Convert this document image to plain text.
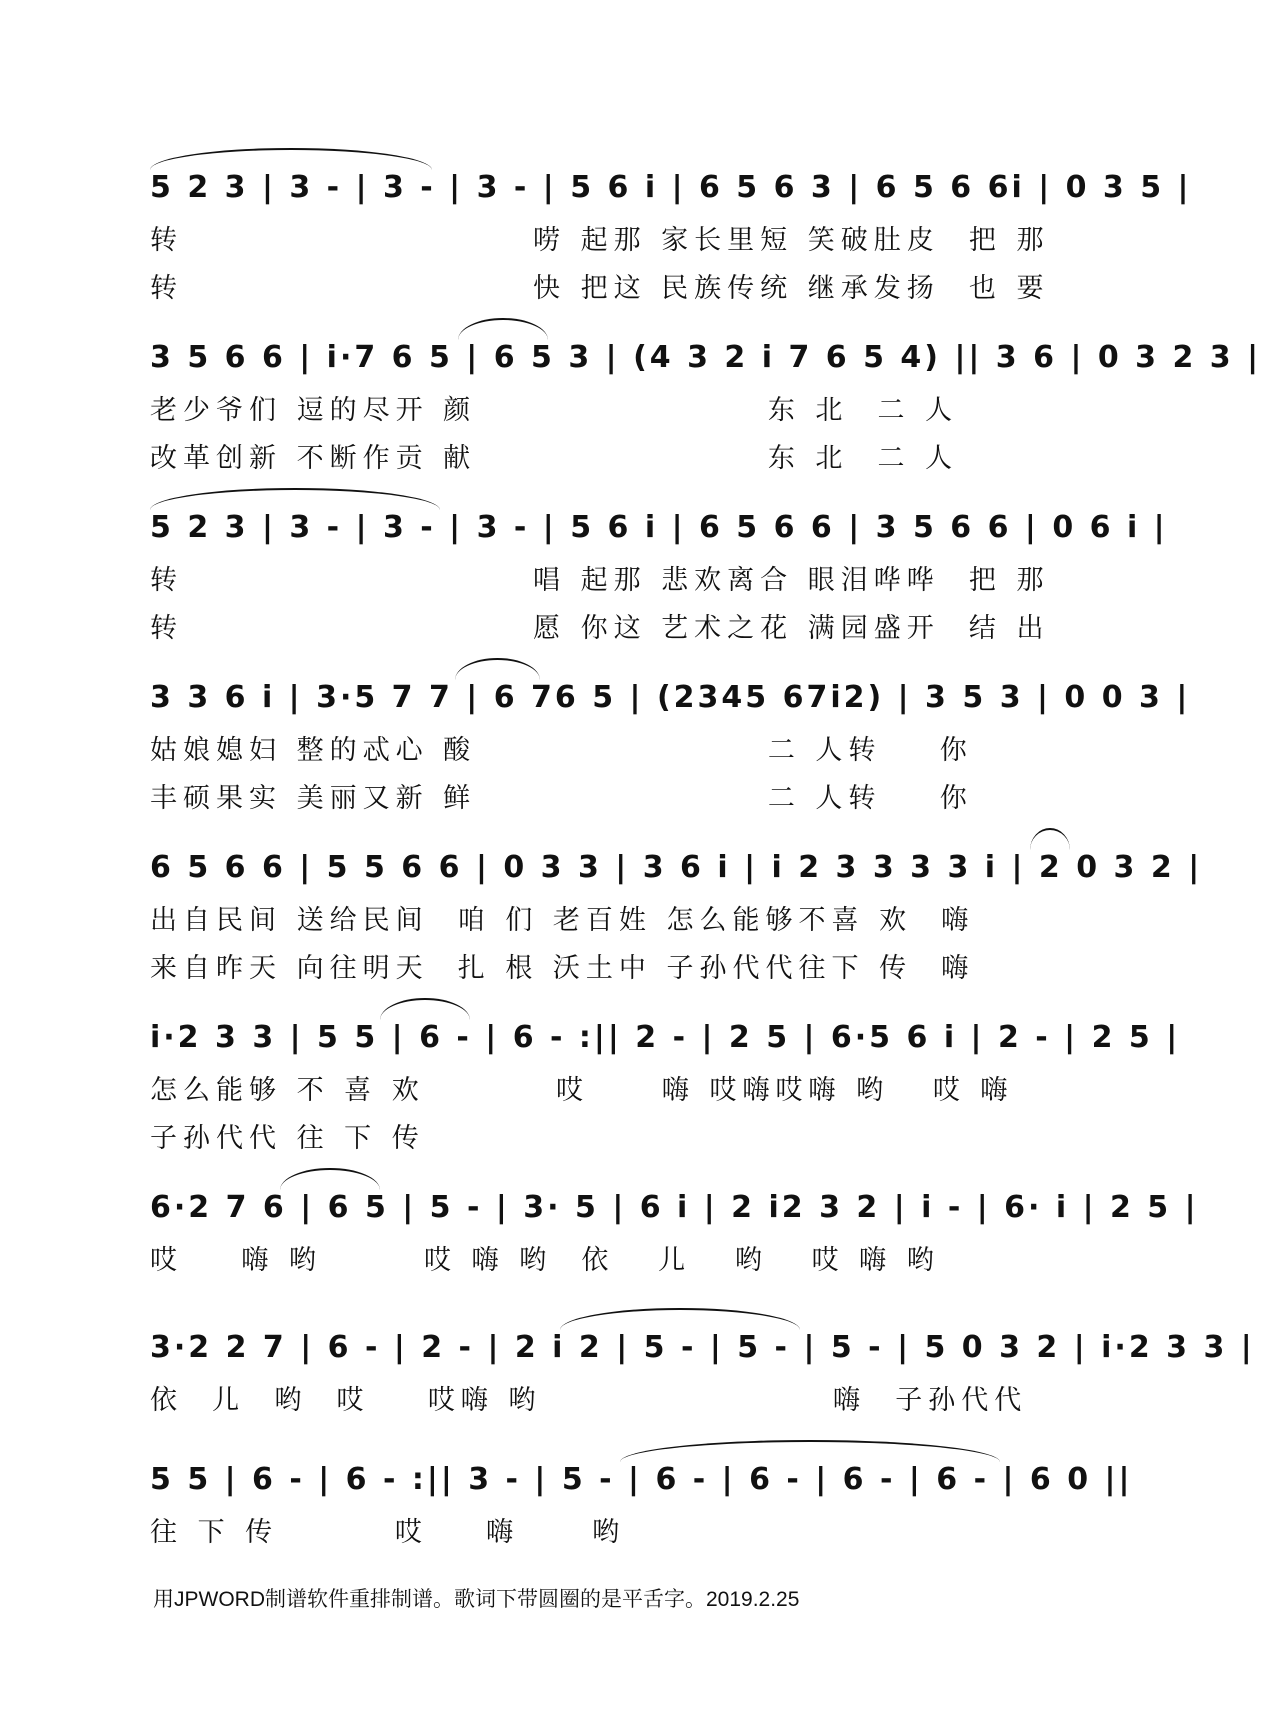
5 2 3 | 3 - | 3 - | 3 - | 5 6 i | 6 5 6 3 | 6 5 6 6i | 0 3 5 |
转                        唠 起那 家长里短 笑破肚皮  把 那
转                        快 把这 民族传统 继承发扬  也 要
3 5 6 6 | i·7 6 5 | 6 5 3 | (4 3 2 i 7 6 5 4) || 3 6 | 0 3 2 3 |
老少爷们 逗的尽开 颜                    东 北  二 人
改革创新 不断作贡 献                    东 北  二 人
5 2 3 | 3 - | 3 - | 3 - | 5 6 i | 6 5 6 6 | 3 5 6 6 | 0 6 i |
转                        唱 起那 悲欢离合 眼泪哗哗  把 那
转                        愿 你这 艺术之花 满园盛开  结 出
3 3 6 i | 3·5 7 7 | 6 76 5 | (2345 67i2) | 3 5 3 | 0 0 3 |
姑娘媳妇 整的忒心 酸                    二 人转    你
丰硕果实 美丽又新 鲜                    二 人转    你
6 5 6 6 | 5 5 6 6 | 0 3 3 | 3 6 i | i 2 3 3 3 3 i | 2 0 3 2 |
出自民间 送给民间  咱 们 老百姓 怎么能够不喜 欢  嗨
来自昨天 向往明天  扎 根 沃土中 子孙代代往下 传  嗨
i·2 3 3 | 5 5 | 6 - | 6 - :|| 2 - | 2 5 | 6·5 6 i | 2 - | 2 5 |
怎么能够 不 喜 欢         哎     嗨 哎嗨哎嗨 哟   哎 嗨
子孙代代 往 下 传
6·2 7 6 | 6 5 | 5 - | 3· 5 | 6 i | 2 i2 3 2 | i - | 6· i | 2 5 |
哎    嗨 哟       哎 嗨 哟  依   儿   哟   哎 嗨 哟
3·2 2 7 | 6 - | 2 - | 2 i 2 | 5 - | 5 - | 5 - | 5 0 3 2 | i·2 3 3 |
依  儿  哟  哎    哎嗨 哟                    嗨  子孙代代
5 5 | 6 - | 6 - :|| 3 - | 5 - | 6 - | 6 - | 6 - | 6 - | 6 0 ||
往 下 传        哎    嗨     哟
用JPWORD制谱软件重排制谱。歌词下带圆圈的是平舌字。2019.2.25
